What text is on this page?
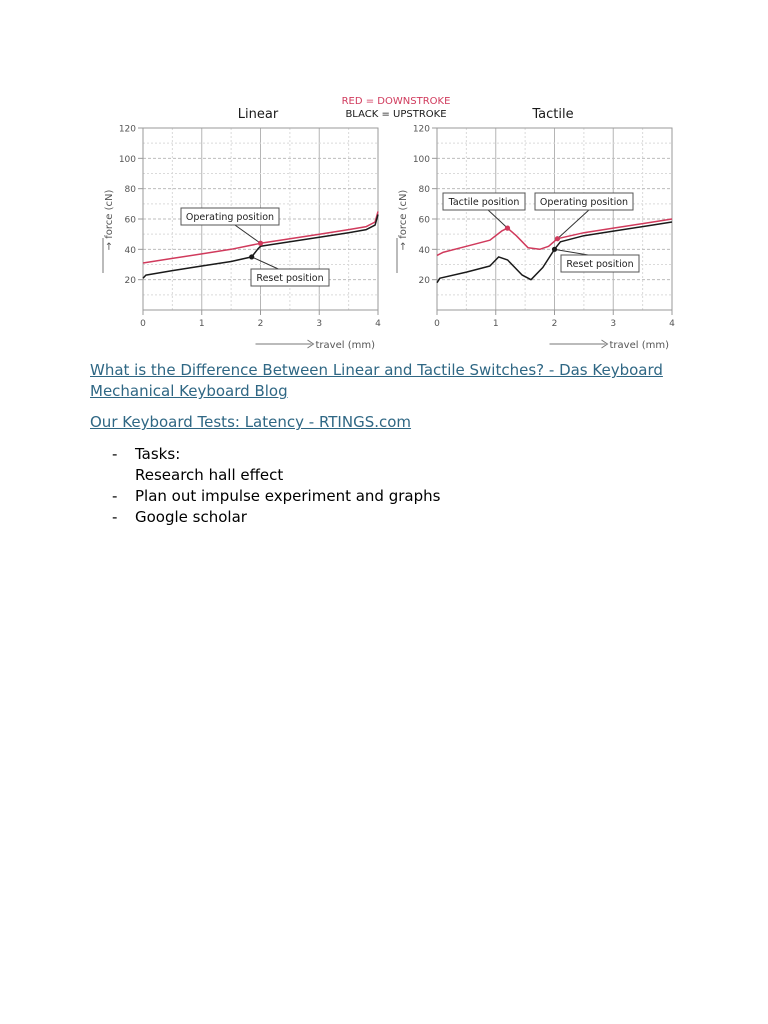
RED = DOWNSTROKE
BLACK = UPSTROKE
Linear
20
40
60
80
100
120
0	1	2	3	4
→ force (cN)
travel (mm)
Operating position
Reset position
Tactile
20
40
60
80
100
120
0	1	2	3	4
→ force (cN)
travel (mm)
Tactile position Operating position
Reset position
What is the Difference Between Linear and Tactile Switches? - Das Keyboard
Mechanical Keyboard Blog
Our Keyboard Tests: Latency - RTINGS.com
- Tasks:
Research hall effect
- Plan out impulse experiment and graphs
- Google scholar
